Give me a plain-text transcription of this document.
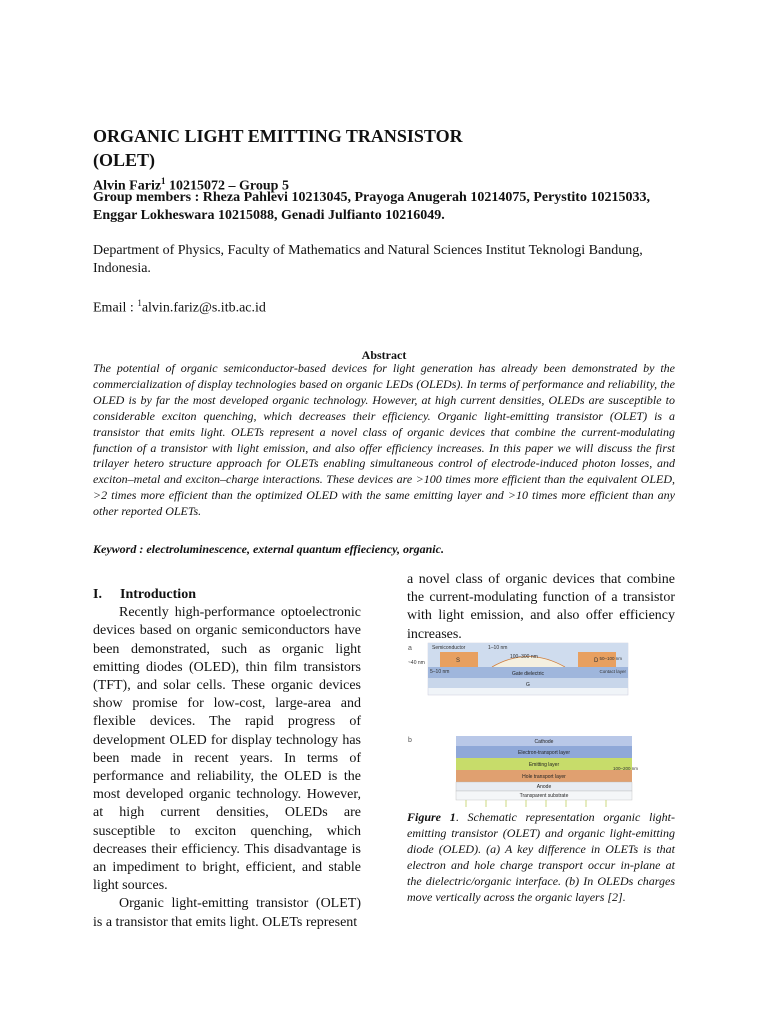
ORGANIC LIGHT EMITTING TRANSISTOR
(OLET)
Alvin Fariz$^1$ 10215072 – Group 5
Group members : Rheza Pahlevi 10213045, Prayoga Anugerah 10214075, Perystito 10215033, Enggar Lokheswara 10215088, Genadi Julfianto 10216049.
Department of Physics, Faculty of Mathematics and Natural Sciences Institut Teknologi Bandung, Indonesia.
Email : $^1$alvin.fariz@s.itb.ac.id
Abstract
The potential of organic semiconductor-based devices for light generation has already been demonstrated by the commercialization of display technologies based on organic LEDs (OLEDs). In terms of performance and reliability, the OLED is by far the most developed organic technology. However, at high current densities, OLEDs are susceptible to considerable exciton quenching, which decreases their efficiency. Organic light-emitting transistor (OLET) is a transistor that emits light. OLETs represent a novel class of organic devices that combine the current-modulating function of a transistor with light emission, and also offer efficiency increases. In this paper we will discuss the first trilayer hetero structure approach for OLETs enabling simultaneous control of electrode-induced photon losses, and exciton–metal and exciton–charge interactions. These devices are >100 times more efficient than the equivalent OLED, >2 times more efficient than the optimized OLED with the same emitting layer and >10 times more efficient than any other reported OLETs.
Keyword : electroluminescence, external quantum effieciency, organic.
I. Introduction

Recently high-performance optoelectronic devices based on organic semiconductors have been demonstrated, such as organic light emitting diodes (OLED), thin film transistors (TFT), and solar cells. These organic devices show promise for low-cost, large-area and flexible devices. The rapid progress of development OLED for display technology has been made in recent years. In terms of performance and reliability, the OLED is the most developed organic technology. However, at high current densities, OLEDs are susceptible to exciton quenching, which decreases their efficiency. This disadvantage is an impediment to bright, efficient, and stable light sources.

Organic light-emitting transistor (OLET) is a transistor that emits light. OLETs represent

a novel class of organic devices that combine the current-modulating function of a transistor with light emission, and also offer efficiency increases.
a	Semiconductor	1–10 nm
100–300 nm
~40 nm
5–10 nm
S	D 50–100 nm
Contact layer
Gate dielectric
G
b	Cathode
Electron-transport layer
Emitting layer
Hole transport layer
Anode
Transparent substrate
100–200 nm
Figure 1. Schematic representation organic light-emitting transistor (OLET) and organic light-emitting diode (OLED). (a) A key difference in OLETs is that electron and hole charge transport occur in-plane at the dielectric/organic interface. (b) In OLEDs charges move vertically across the organic layers [2].
